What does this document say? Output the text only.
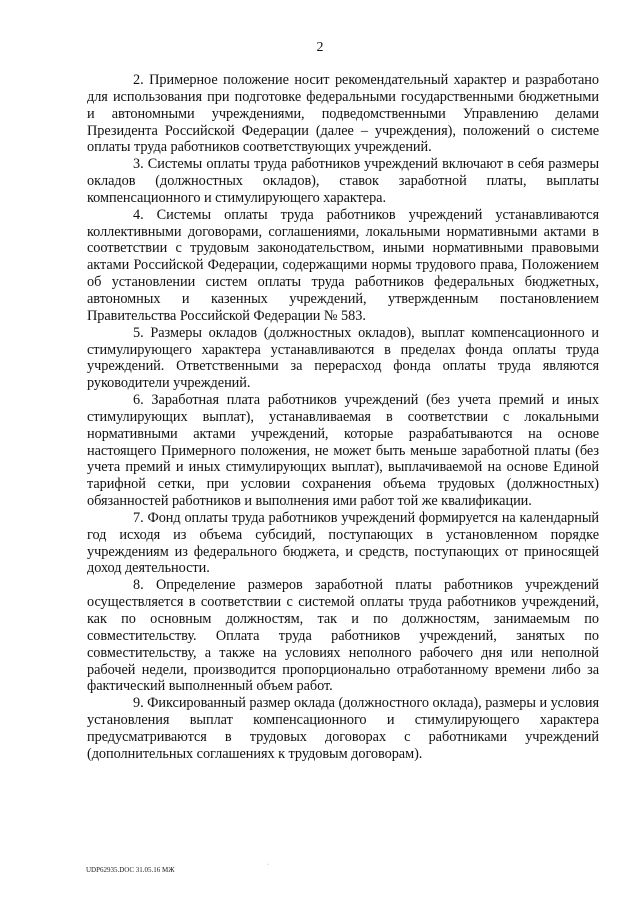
2

2. Примерное положение носит рекомендательный характер и разработано для использования при подготовке федеральными государственными бюджетными и автономными учреждениями, подведомственными Управлению делами Президента Российской Федерации (далее – учреждения), положений о системе оплаты труда работников соответствующих учреждений.

3. Системы оплаты труда работников учреждений включают в себя размеры окладов (должностных окладов), ставок заработной платы, выплаты компенсационного и стимулирующего характера.

4. Системы оплаты труда работников учреждений устанавливаются коллективными договорами, соглашениями, локальными нормативными актами в соответствии с трудовым законодательством, иными нормативными правовыми актами Российской Федерации, содержащими нормы трудового права, Положением об установлении систем оплаты труда работников федеральных бюджетных, автономных и казенных учреждений, утвержденным постановлением Правительства Российской Федерации № 583.

5. Размеры окладов (должностных окладов), выплат компенсационного и стимулирующего характера устанавливаются в пределах фонда оплаты труда учреждений. Ответственными за перерасход фонда оплаты труда являются руководители учреждений.

6. Заработная плата работников учреждений (без учета премий и иных стимулирующих выплат), устанавливаемая в соответствии с локальными нормативными актами учреждений, которые разрабатываются на основе настоящего Примерного положения, не может быть меньше заработной платы (без учета премий и иных стимулирующих выплат), выплачиваемой на основе Единой тарифной сетки, при условии сохранения объема трудовых (должностных) обязанностей работников и выполнения ими работ той же квалификации.

7. Фонд оплаты труда работников учреждений формируется на календарный год исходя из объема субсидий, поступающих в установленном порядке учреждениям из федерального бюджета, и средств, поступающих от приносящей доход деятельности.

8. Определение размеров заработной платы работников учреждений осуществляется в соответствии с системой оплаты труда работников учреждений, как по основным должностям, так и по должностям, занимаемым по совместительству. Оплата труда работников учреждений, занятых по совместительству, а также на условиях неполного рабочего дня или неполной рабочей недели, производится пропорционально отработанному времени либо за фактический выполненный объем работ.

9. Фиксированный размер оклада (должностного оклада), размеры и условия установления выплат компенсационного и стимулирующего характера предусматриваются в трудовых договорах с работниками учреждений (дополнительных соглашениях к трудовым договорам).

·
UDP62935.DOC 31.05.16 МЖ
